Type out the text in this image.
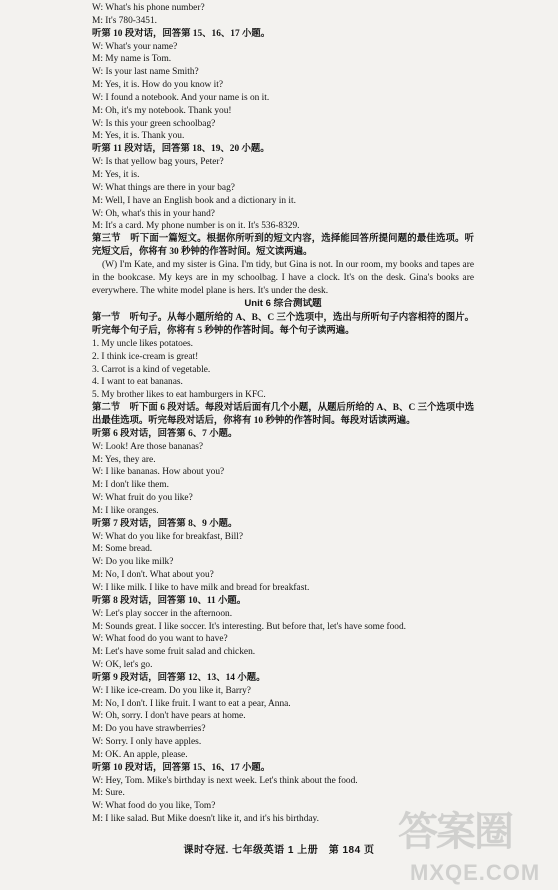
W: What's his phone number?
M: It's 780-3451.
听第 10 段对话，回答第 15、16、17 小题。
W: What's your name?
M: My name is Tom.
W: Is your last name Smith?
M: Yes, it is. How do you know it?
W: I found a notebook. And your name is on it.
M: Oh, it's my notebook. Thank you!
W: Is this your green schoolbag?
M: Yes, it is. Thank you.
听第 11 段对话，回答第 18、19、20 小题。
W: Is that yellow bag yours, Peter?
M: Yes, it is.
W: What things are there in your bag?
M: Well, I have an English book and a dictionary in it.
W: Oh, what's this in your hand?
M: It's a card. My phone number is on it. It's 536-8329.
第三节　听下面一篇短文。根据你所听到的短文内容，选择能回答所提问题的最佳选项。听完短文后，你将有 30 秒钟的作答时间。短文读两遍。
(W) I'm Kate, and my sister is Gina. I'm tidy, but Gina is not. In our room, my books and tapes are in the bookcase. My keys are in my schoolbag. I have a clock. It's on the desk. Gina's books are everywhere. The white model plane is hers. It's under the desk.
Unit 6 综合测试题
第一节　听句子。从每小题所给的 A、B、C 三个选项中，选出与所听句子内容相符的图片。听完每个句子后，你将有 5 秒钟的作答时间。每个句子读两遍。
1. My uncle likes potatoes.
2. I think ice-cream is great!
3. Carrot is a kind of vegetable.
4. I want to eat bananas.
5. My brother likes to eat hamburgers in KFC.
第二节　听下面 6 段对话。每段对话后面有几个小题，从题后所给的 A、B、C 三个选项中选出最佳选项。听完每段对话后，你将有 10 秒钟的作答时间。每段对话读两遍。
听第 6 段对话，回答第 6、7 小题。
W: Look! Are those bananas?
M: Yes, they are.
W: I like bananas. How about you?
M: I don't like them.
W: What fruit do you like?
M: I like oranges.
听第 7 段对话，回答第 8、9 小题。
W: What do you like for breakfast, Bill?
M: Some bread.
W: Do you like milk?
M: No, I don't. What about you?
W: I like milk. I like to have milk and bread for breakfast.
听第 8 段对话，回答第 10、11 小题。
W: Let's play soccer in the afternoon.
M: Sounds great. I like soccer. It's interesting. But before that, let's have some food.
W: What food do you want to have?
M: Let's have some fruit salad and chicken.
W: OK, let's go.
听第 9 段对话，回答第 12、13、14 小题。
W: I like ice-cream. Do you like it, Barry?
M: No, I don't. I like fruit. I want to eat a pear, Anna.
W: Oh, sorry. I don't have pears at home.
M: Do you have strawberries?
W: Sorry. I only have apples.
M: OK. An apple, please.
听第 10 段对话，回答第 15、16、17 小题。
W: Hey, Tom. Mike's birthday is next week. Let's think about the food.
M: Sure.
W: What food do you like, Tom?
M: I like salad. But Mike doesn't like it, and it's his birthday.
课时夺冠. 七年级英语 1 上册　第 184 页 答案圈
MXQE.COM
